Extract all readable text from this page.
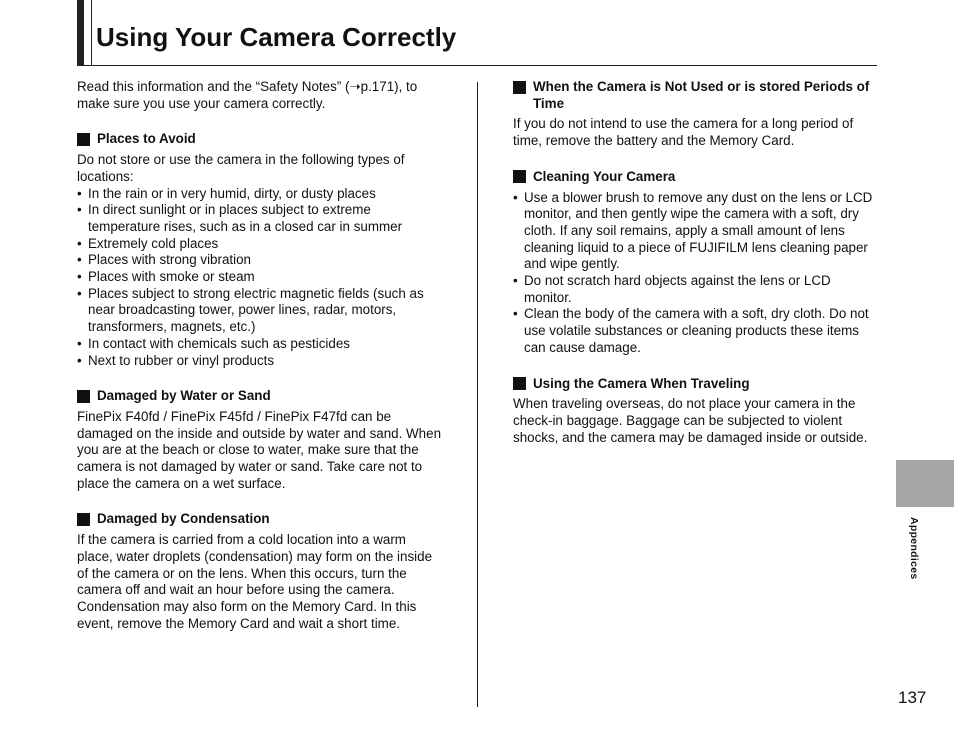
Using Your Camera Correctly

Read this information and the “Safety Notes” (➝p.171), to make sure you use your camera correctly.

Places to Avoid

Do not store or use the camera in the following types of locations:

• In the rain or in very humid, dirty, or dusty places
• In direct sunlight or in places subject to extreme temperature rises, such as in a closed car in summer
• Extremely cold places
• Places with strong vibration
• Places with smoke or steam
• Places subject to strong electric magnetic fields (such as near broadcasting tower, power lines, radar, motors, transformers, magnets, etc.)
• In contact with chemicals such as pesticides
• Next to rubber or vinyl products
Damaged by Water or Sand

FinePix F40fd / FinePix F45fd / FinePix F47fd can be damaged on the inside and outside by water and sand. When you are at the beach or close to water, make sure that the camera is not damaged by water or sand. Take care not to place the camera on a wet surface.

Damaged by Condensation

If the camera is carried from a cold location into a warm place, water droplets (condensation) may form on the inside of the camera or on the lens. When this occurs, turn the camera off and wait an hour before using the camera. Condensation may also form on the Memory Card. In this event, remove the Memory Card and wait a short time.

When the Camera is Not Used or is stored Periods of Time

If you do not intend to use the camera for a long period of time, remove the battery and the Memory Card.

Cleaning Your Camera
• Use a blower brush to remove any dust on the lens or LCD monitor, and then gently wipe the camera with a soft, dry cloth. If any soil remains, apply a small amount of lens cleaning liquid to a piece of FUJIFILM lens cleaning paper and wipe gently.
• Do not scratch hard objects against the lens or LCD monitor.
• Clean the body of the camera with a soft, dry cloth. Do not use volatile substances or cleaning products these items can cause damage.
Using the Camera When Traveling

When traveling overseas, do not place your camera in the check-in baggage. Baggage can be subjected to violent shocks, and the camera may be damaged inside or outside.

Appendices
137
